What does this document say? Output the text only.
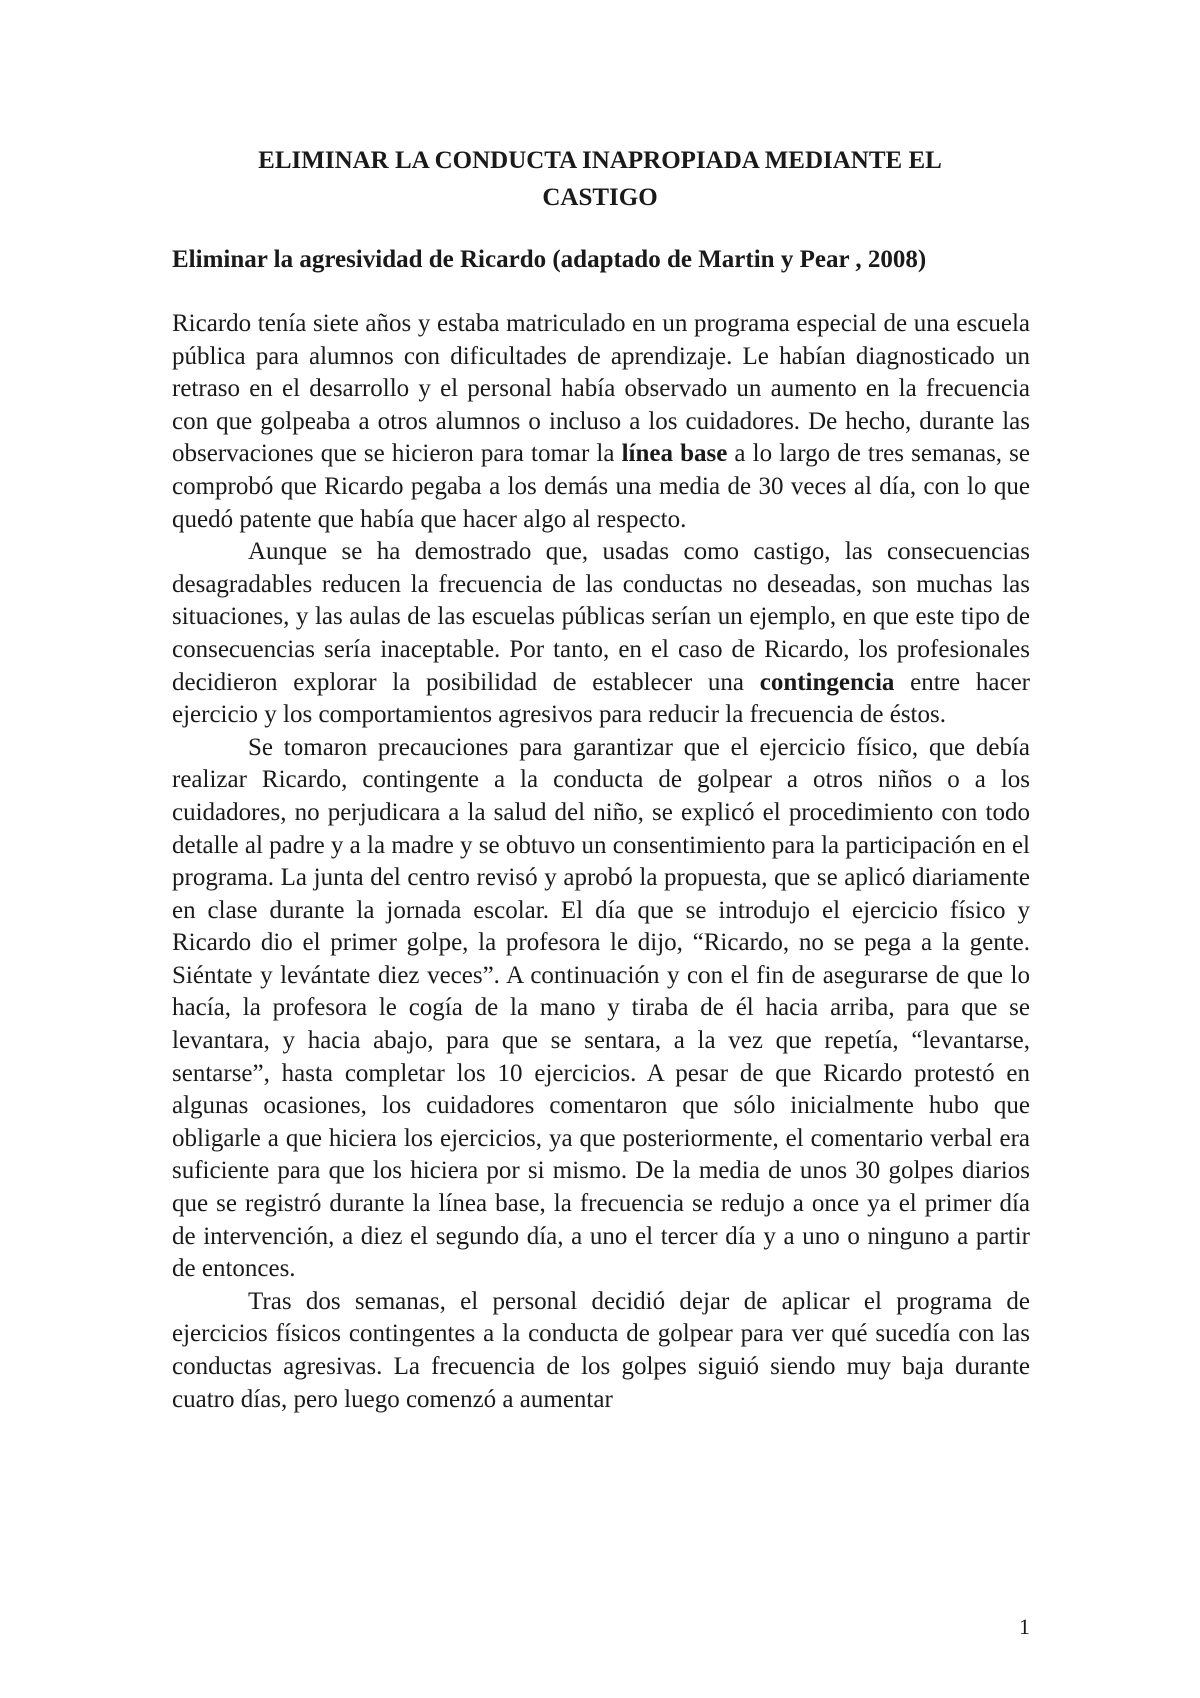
ELIMINAR LA CONDUCTA INAPROPIADA MEDIANTE EL
CASTIGO
Eliminar la agresividad de Ricardo (adaptado de Martin y Pear , 2008)

Ricardo tenía siete años y estaba matriculado en un programa especial de una escuela pública para alumnos con dificultades de aprendizaje. Le habían diagnosticado un retraso en el desarrollo y el personal había observado un aumento en la frecuencia con que golpeaba a otros alumnos o incluso a los cuidadores. De hecho, durante las observaciones que se hicieron para tomar la línea base a lo largo de tres semanas, se comprobó que Ricardo pegaba a los demás una media de 30 veces al día, con lo que quedó patente que había que hacer algo al respecto.

Aunque se ha demostrado que, usadas como castigo, las consecuencias desagradables reducen la frecuencia de las conductas no deseadas, son muchas las situaciones, y las aulas de las escuelas públicas serían un ejemplo, en que este tipo de consecuencias sería inaceptable. Por tanto, en el caso de Ricardo, los profesionales decidieron explorar la posibilidad de establecer una contingencia entre hacer ejercicio y los comportamientos agresivos para reducir la frecuencia de éstos.

Se tomaron precauciones para garantizar que el ejercicio físico, que debía realizar Ricardo, contingente a la conducta de golpear a otros niños o a los cuidadores, no perjudicara a la salud del niño, se explicó el procedimiento con todo detalle al padre y a la madre y se obtuvo un consentimiento para la participación en el programa. La junta del centro revisó y aprobó la propuesta, que se aplicó diariamente en clase durante la jornada escolar. El día que se introdujo el ejercicio físico y Ricardo dio el primer golpe, la profesora le dijo, “Ricardo, no se pega a la gente. Siéntate y levántate diez veces”. A continuación y con el fin de asegurarse de que lo hacía, la profesora le cogía de la mano y tiraba de él hacia arriba, para que se levantara, y hacia abajo, para que se sentara, a la vez que repetía, “levantarse, sentarse”, hasta completar los 10 ejercicios. A pesar de que Ricardo protestó en algunas ocasiones, los cuidadores comentaron que sólo inicialmente hubo que obligarle a que hiciera los ejercicios, ya que posteriormente, el comentario verbal era suficiente para que los hiciera por si mismo. De la media de unos 30 golpes diarios que se registró durante la línea base, la frecuencia se redujo a once ya el primer día de intervención, a diez el segundo día, a uno el tercer día y a uno o ninguno a partir de entonces.

Tras dos semanas, el personal decidió dejar de aplicar el programa de ejercicios físicos contingentes a la conducta de golpear para ver qué sucedía con las conductas agresivas. La frecuencia de los golpes siguió siendo muy baja durante cuatro días, pero luego comenzó a aumentar

1
